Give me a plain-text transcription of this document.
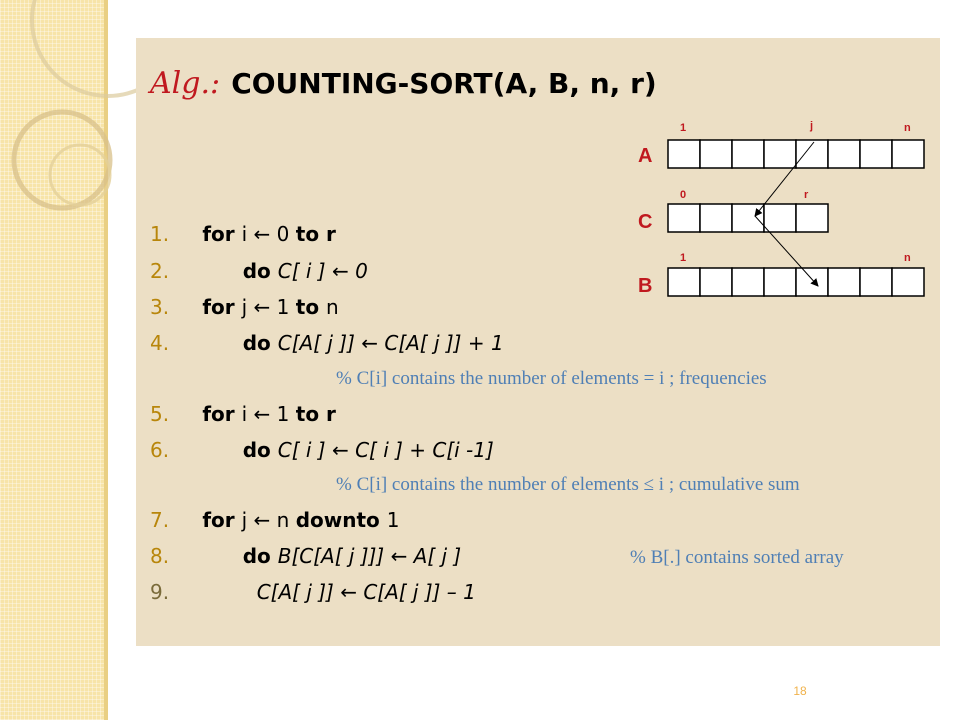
Alg.: COUNTING-SORT(A, B, n, r)
1. for i ← 0 to r
2.	do C[ i ] ← 0
3. for j ← 1 to n
4.	do C[A[ j ]] ← C[A[ j ]] + 1
% C[i] contains the number of elements = i ; frequencies
5. for i ← 1 to r
6.	do C[ i ] ← C[ i ] + C[i -1]
% C[i] contains the number of elements ≤ i ; cumulative sum
7. for j ← n downto 1
8.	do B[C[A[ j ]]] ← A[ j ]	% B[.] contains sorted array
9.	C[A[ j ]] ← C[A[ j ]] – 1
1	j	n
A
0	r
C
1	n
B
18
